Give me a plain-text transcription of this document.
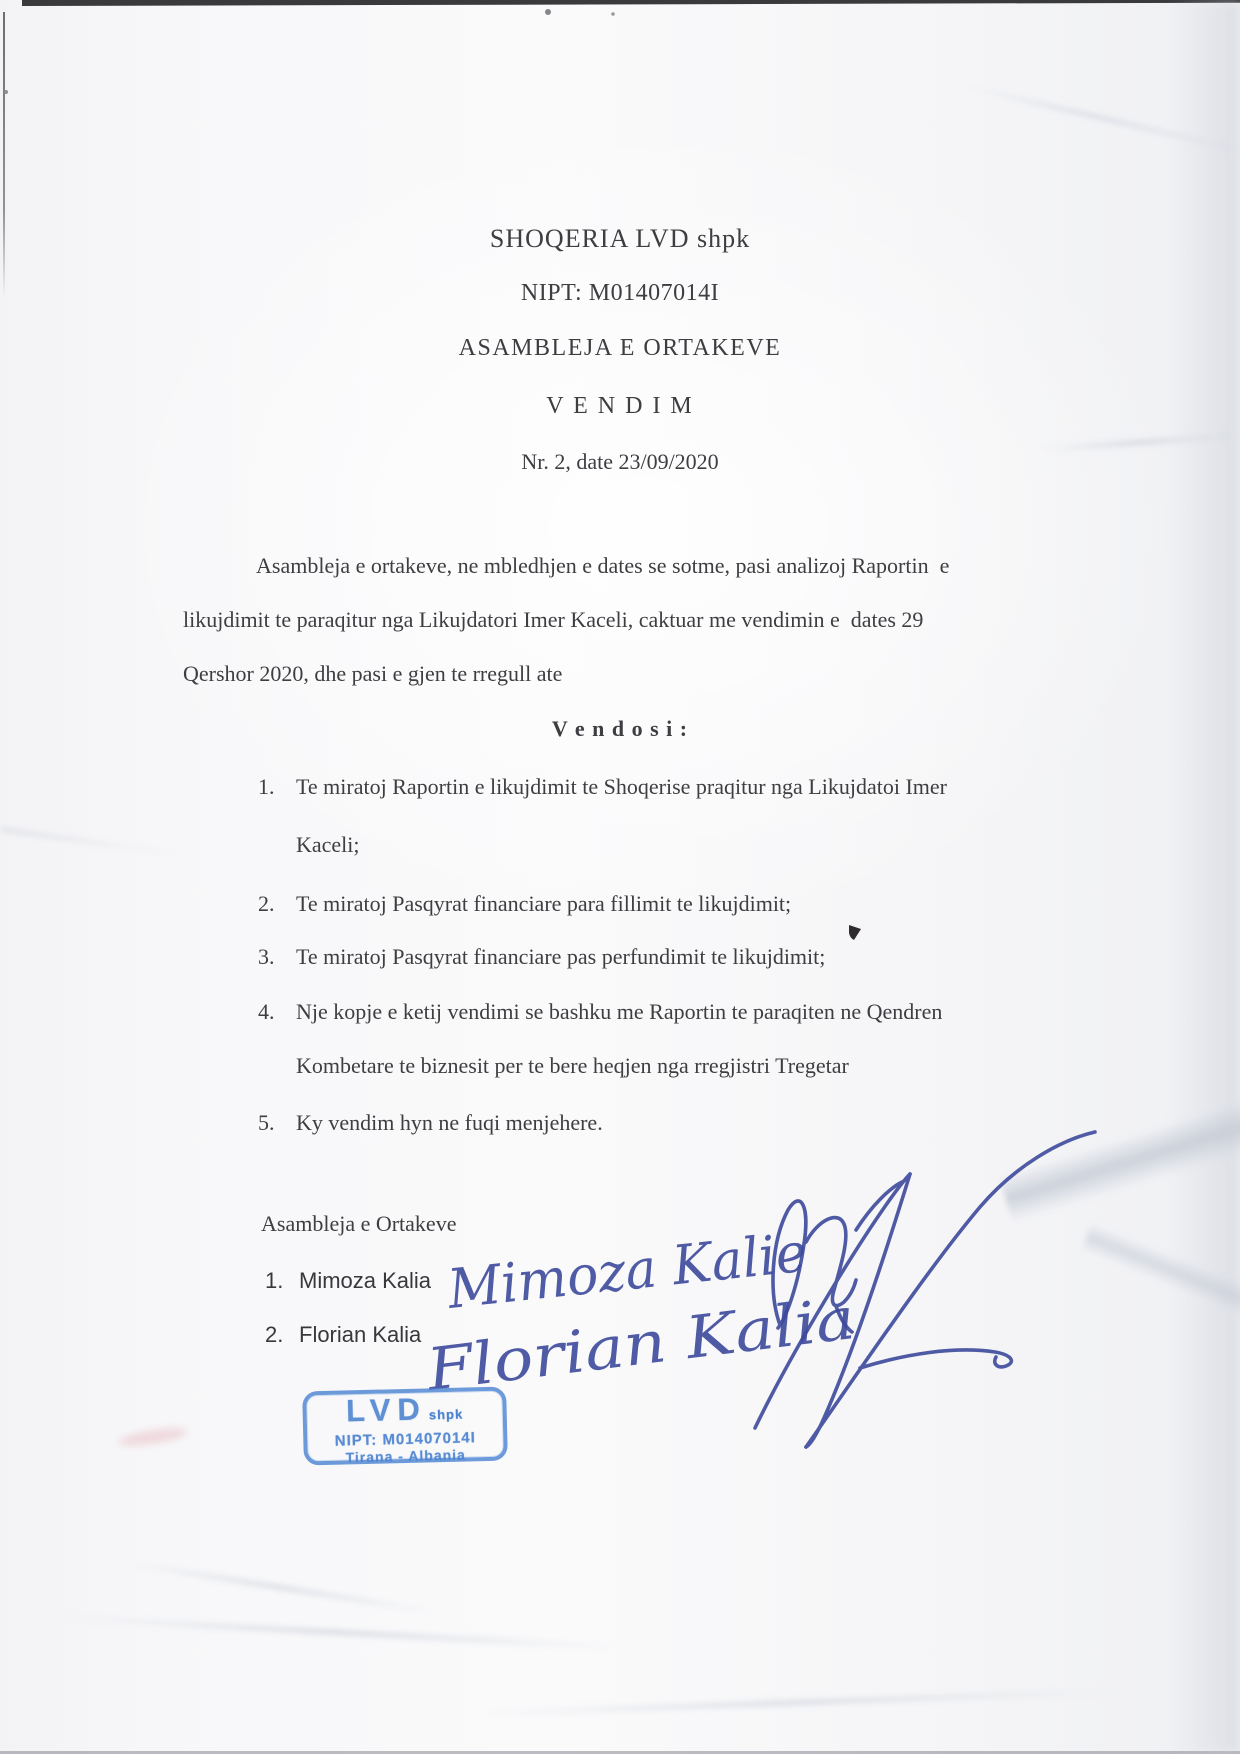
SHOQERIA LVD shpk
NIPT: M01407014I
ASAMBLEJA E ORTAKEVE
V E N D I M
Nr. 2, date 23/09/2020
Asambleja e ortakeve, ne mbledhjen e dates se sotme, pasi analizoj Raportin  e
likujdimit te paraqitur nga Likujdatori Imer Kaceli, caktuar me vendimin e  dates 29
Qershor 2020, dhe pasi e gjen te rregull ate
V e n d o s i :
1. Te miratoj Raportin e likujdimit te Shoqerise praqitur nga Likujdatoi Imer
Kaceli;
2. Te miratoj Pasqyrat financiare para fillimit te likujdimit;
3. Te miratoj Pasqyrat financiare pas perfundimit te likujdimit;
4. Nje kopje e ketij vendimi se bashku me Raportin te paraqiten ne Qendren
Kombetare te biznesit per te bere heqjen nga rregjistri Tregetar
5. Ky vendim hyn ne fuqi menjehere.
Asambleja e Ortakeve
1. Mimoza Kalia
2. Florian Kalia
Mimoza Kalie
Florian Kalia
LVD shpk
NIPT: M01407014I
Tirana - Albania
